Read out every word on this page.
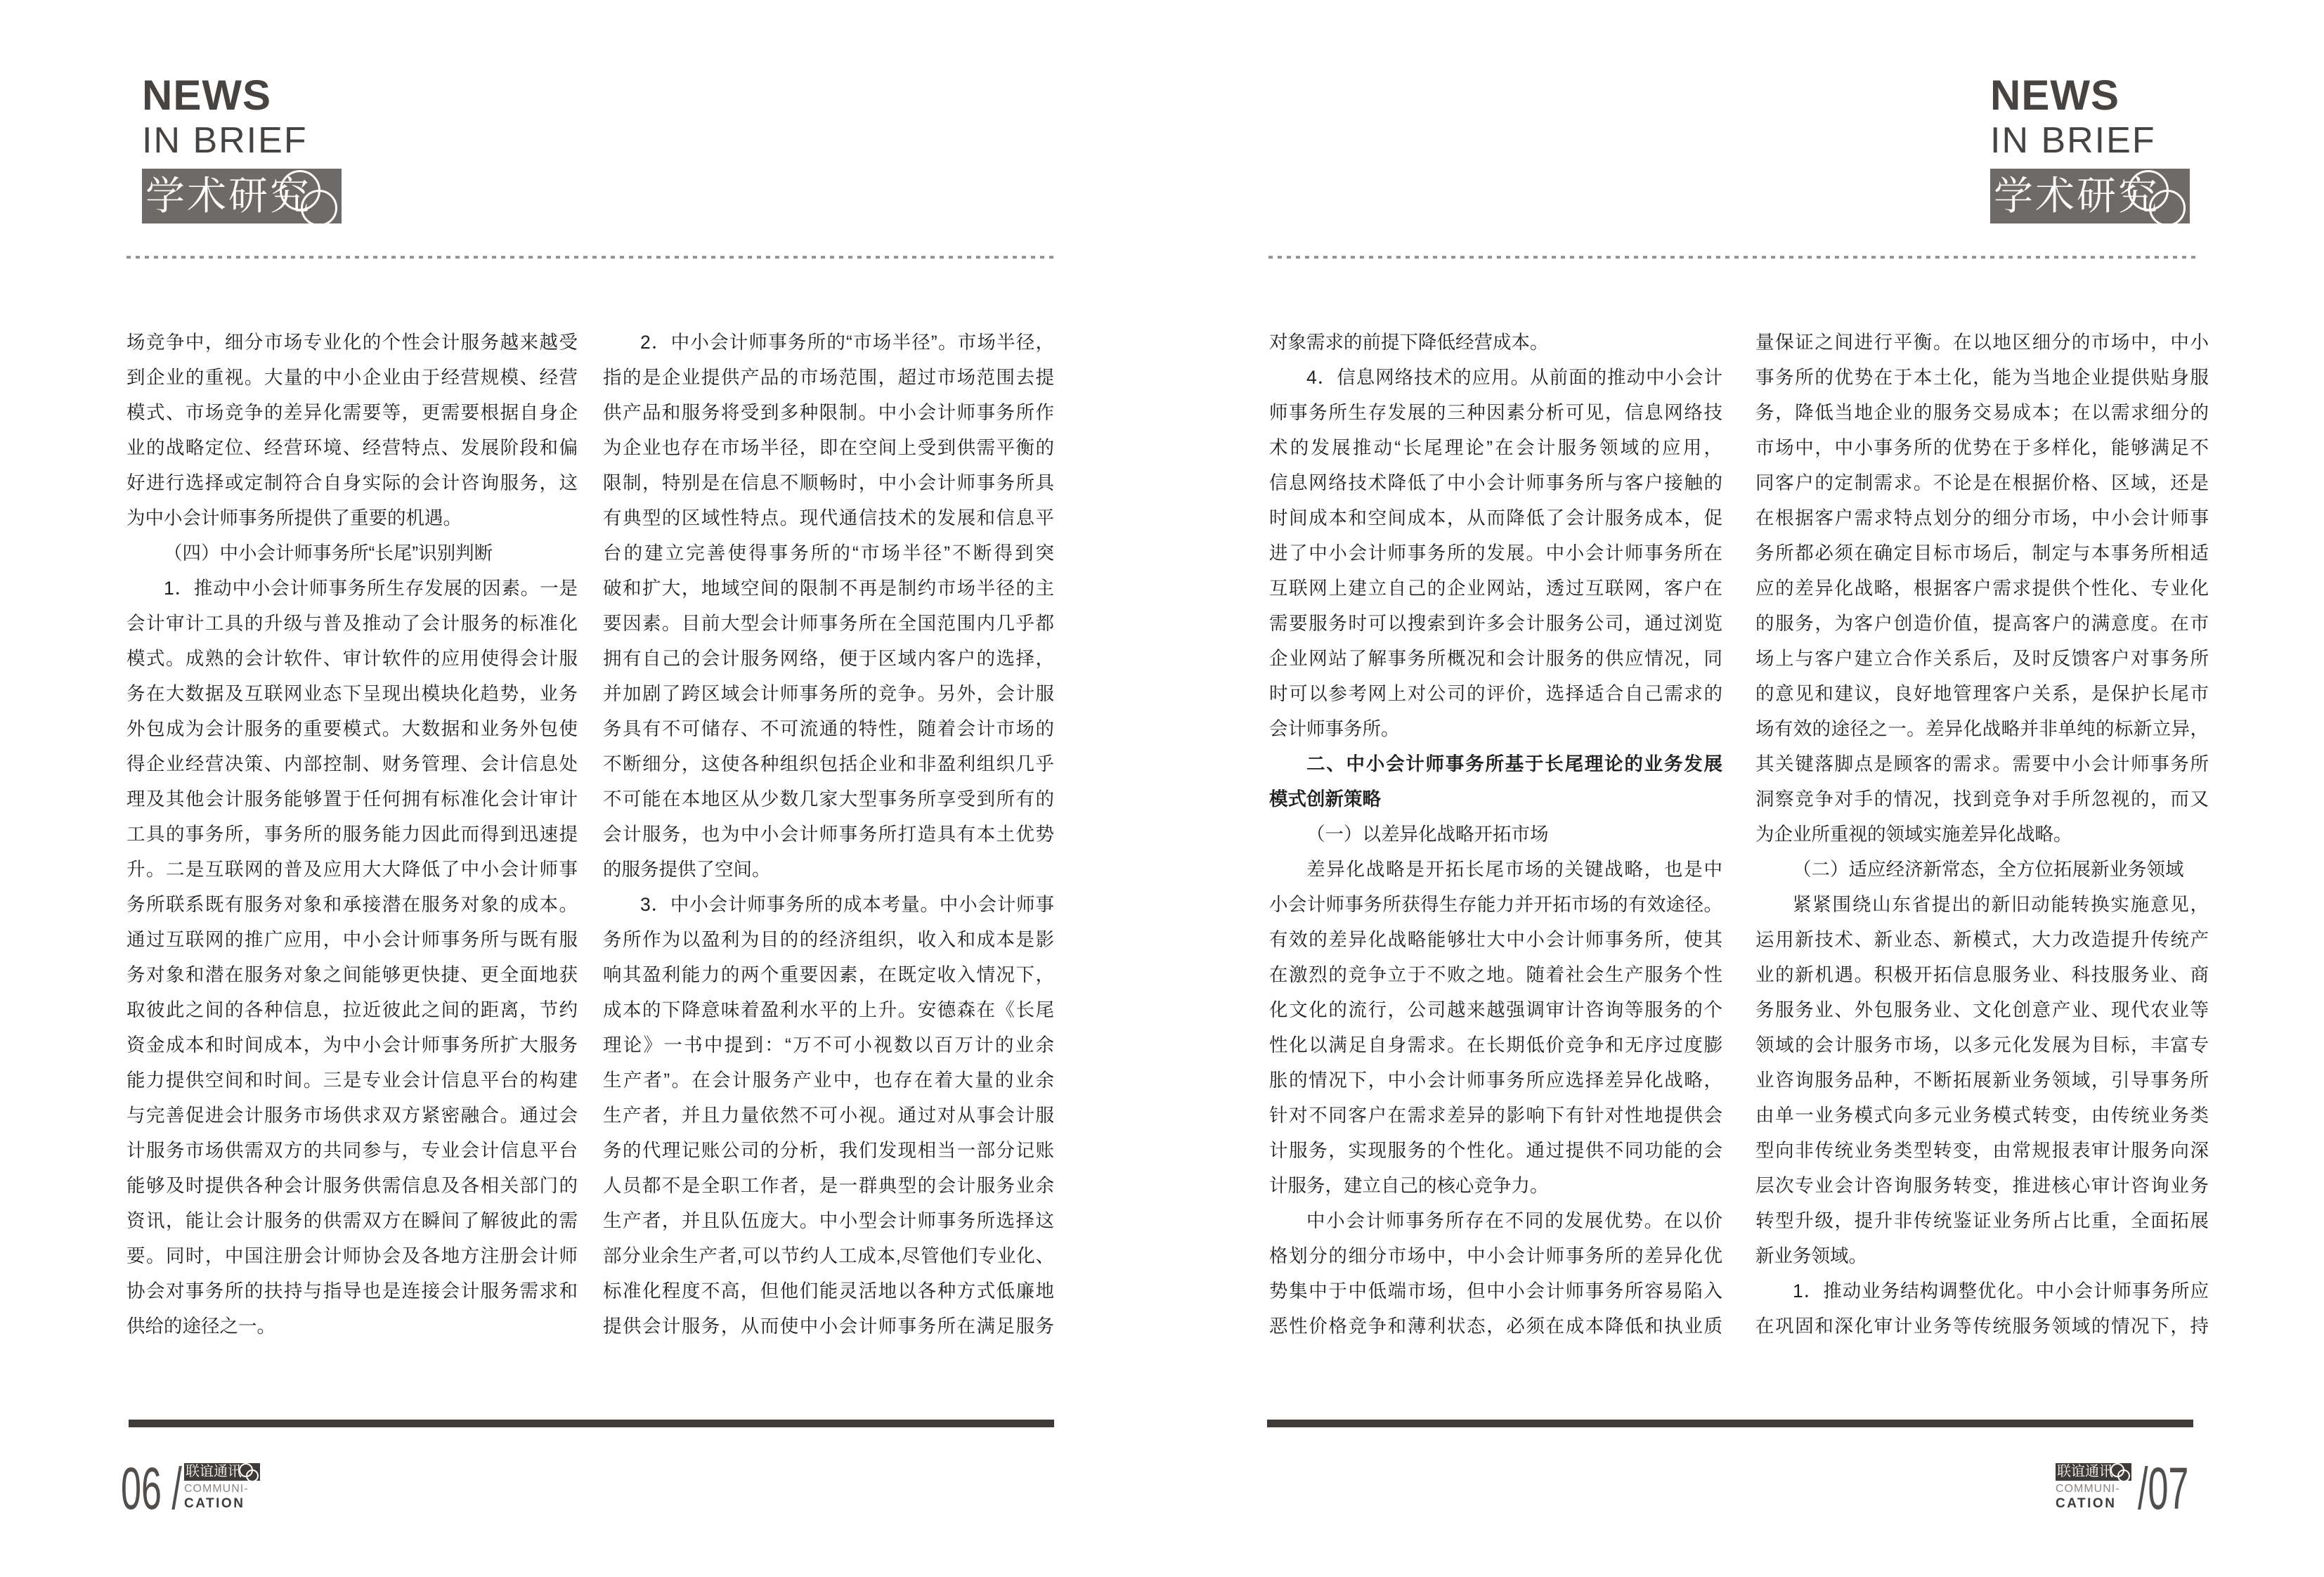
NEWS
IN BRIEF
学术研究
场竞争中，细分市场专业化的个性会计服务越来越受
到企业的重视。大量的中小企业由于经营规模、经营
模式、市场竞争的差异化需要等，更需要根据自身企
业的战略定位、经营环境、经营特点、发展阶段和偏
好进行选择或定制符合自身实际的会计咨询服务，这
为中小会计师事务所提供了重要的机遇。
（四）中小会计师事务所“长尾”识别判断
1．推动中小会计师事务所生存发展的因素。一是
会计审计工具的升级与普及推动了会计服务的标准化
模式。成熟的会计软件、审计软件的应用使得会计服
务在大数据及互联网业态下呈现出模块化趋势，业务
外包成为会计服务的重要模式。大数据和业务外包使
得企业经营决策、内部控制、财务管理、会计信息处
理及其他会计服务能够置于任何拥有标准化会计审计
工具的事务所，事务所的服务能力因此而得到迅速提
升。二是互联网的普及应用大大降低了中小会计师事
务所联系既有服务对象和承接潜在服务对象的成本。
通过互联网的推广应用，中小会计师事务所与既有服
务对象和潜在服务对象之间能够更快捷、更全面地获
取彼此之间的各种信息，拉近彼此之间的距离，节约
资金成本和时间成本，为中小会计师事务所扩大服务
能力提供空间和时间。三是专业会计信息平台的构建
与完善促进会计服务市场供求双方紧密融合。通过会
计服务市场供需双方的共同参与，专业会计信息平台
能够及时提供各种会计服务供需信息及各相关部门的
资讯，能让会计服务的供需双方在瞬间了解彼此的需
要。同时，中国注册会计师协会及各地方注册会计师
协会对事务所的扶持与指导也是连接会计服务需求和
供给的途径之一。
2．中小会计师事务所的“市场半径”。市场半径，
指的是企业提供产品的市场范围，超过市场范围去提
供产品和服务将受到多种限制。中小会计师事务所作
为企业也存在市场半径，即在空间上受到供需平衡的
限制，特别是在信息不顺畅时，中小会计师事务所具
有典型的区域性特点。现代通信技术的发展和信息平
台的建立完善使得事务所的“市场半径”不断得到突
破和扩大，地域空间的限制不再是制约市场半径的主
要因素。目前大型会计师事务所在全国范围内几乎都
拥有自己的会计服务网络，便于区域内客户的选择，
并加剧了跨区域会计师事务所的竞争。另外，会计服
务具有不可储存、不可流通的特性，随着会计市场的
不断细分，这使各种组织包括企业和非盈利组织几乎
不可能在本地区从少数几家大型事务所享受到所有的
会计服务，也为中小会计师事务所打造具有本土优势
的服务提供了空间。
3．中小会计师事务所的成本考量。中小会计师事
务所作为以盈利为目的的经济组织，收入和成本是影
响其盈利能力的两个重要因素，在既定收入情况下，
成本的下降意味着盈利水平的上升。安德森在《长尾
理论》一书中提到：“万不可小视数以百万计的业余
生产者”。在会计服务产业中，也存在着大量的业余
生产者，并且力量依然不可小视。通过对从事会计服
务的代理记账公司的分析，我们发现相当一部分记账
人员都不是全职工作者，是一群典型的会计服务业余
生产者，并且队伍庞大。中小型会计师事务所选择这
部分业余生产者,可以节约人工成本,尽管他们专业化、
标准化程度不高，但他们能灵活地以各种方式低廉地
提供会计服务，从而使中小会计师事务所在满足服务
06 / 联谊通讯
COMMUNI-
CATION
NEWS
IN BRIEF
学术研究
对象需求的前提下降低经营成本。
4．信息网络技术的应用。从前面的推动中小会计
师事务所生存发展的三种因素分析可见，信息网络技
术的发展推动“长尾理论”在会计服务领域的应用，
信息网络技术降低了中小会计师事务所与客户接触的
时间成本和空间成本，从而降低了会计服务成本，促
进了中小会计师事务所的发展。中小会计师事务所在
互联网上建立自己的企业网站，透过互联网，客户在
需要服务时可以搜索到许多会计服务公司，通过浏览
企业网站了解事务所概况和会计服务的供应情况，同
时可以参考网上对公司的评价，选择适合自己需求的
会计师事务所。
二、中小会计师事务所基于长尾理论的业务发展
模式创新策略
（一）以差异化战略开拓市场
差异化战略是开拓长尾市场的关键战略，也是中
小会计师事务所获得生存能力并开拓市场的有效途径。
有效的差异化战略能够壮大中小会计师事务所，使其
在激烈的竞争立于不败之地。随着社会生产服务个性
化文化的流行，公司越来越强调审计咨询等服务的个
性化以满足自身需求。在长期低价竞争和无序过度膨
胀的情况下，中小会计师事务所应选择差异化战略，
针对不同客户在需求差异的影响下有针对性地提供会
计服务，实现服务的个性化。通过提供不同功能的会
计服务，建立自己的核心竞争力。
中小会计师事务所存在不同的发展优势。在以价
格划分的细分市场中，中小会计师事务所的差异化优
势集中于中低端市场，但中小会计师事务所容易陷入
恶性价格竞争和薄利状态，必须在成本降低和执业质
量保证之间进行平衡。在以地区细分的市场中，中小
事务所的优势在于本土化，能为当地企业提供贴身服
务，降低当地企业的服务交易成本；在以需求细分的
市场中，中小事务所的优势在于多样化，能够满足不
同客户的定制需求。不论是在根据价格、区域，还是
在根据客户需求特点划分的细分市场，中小会计师事
务所都必须在确定目标市场后，制定与本事务所相适
应的差异化战略，根据客户需求提供个性化、专业化
的服务，为客户创造价值，提高客户的满意度。在市
场上与客户建立合作关系后，及时反馈客户对事务所
的意见和建议，良好地管理客户关系，是保护长尾市
场有效的途径之一。差异化战略并非单纯的标新立异，
其关键落脚点是顾客的需求。需要中小会计师事务所
洞察竞争对手的情况，找到竞争对手所忽视的，而又
为企业所重视的领域实施差异化战略。
（二）适应经济新常态，全方位拓展新业务领域
紧紧围绕山东省提出的新旧动能转换实施意见，
运用新技术、新业态、新模式，大力改造提升传统产
业的新机遇。积极开拓信息服务业、科技服务业、商
务服务业、外包服务业、文化创意产业、现代农业等
领域的会计服务市场，以多元化发展为目标，丰富专
业咨询服务品种，不断拓展新业务领域，引导事务所
由单一业务模式向多元业务模式转变，由传统业务类
型向非传统业务类型转变，由常规报表审计服务向深
层次专业会计咨询服务转变，推进核心审计咨询业务
转型升级，提升非传统鉴证业务所占比重，全面拓展
新业务领域。
1．推动业务结构调整优化。中小会计师事务所应
在巩固和深化审计业务等传统服务领域的情况下，持
联谊通讯
COMMUNI-
CATION /07
